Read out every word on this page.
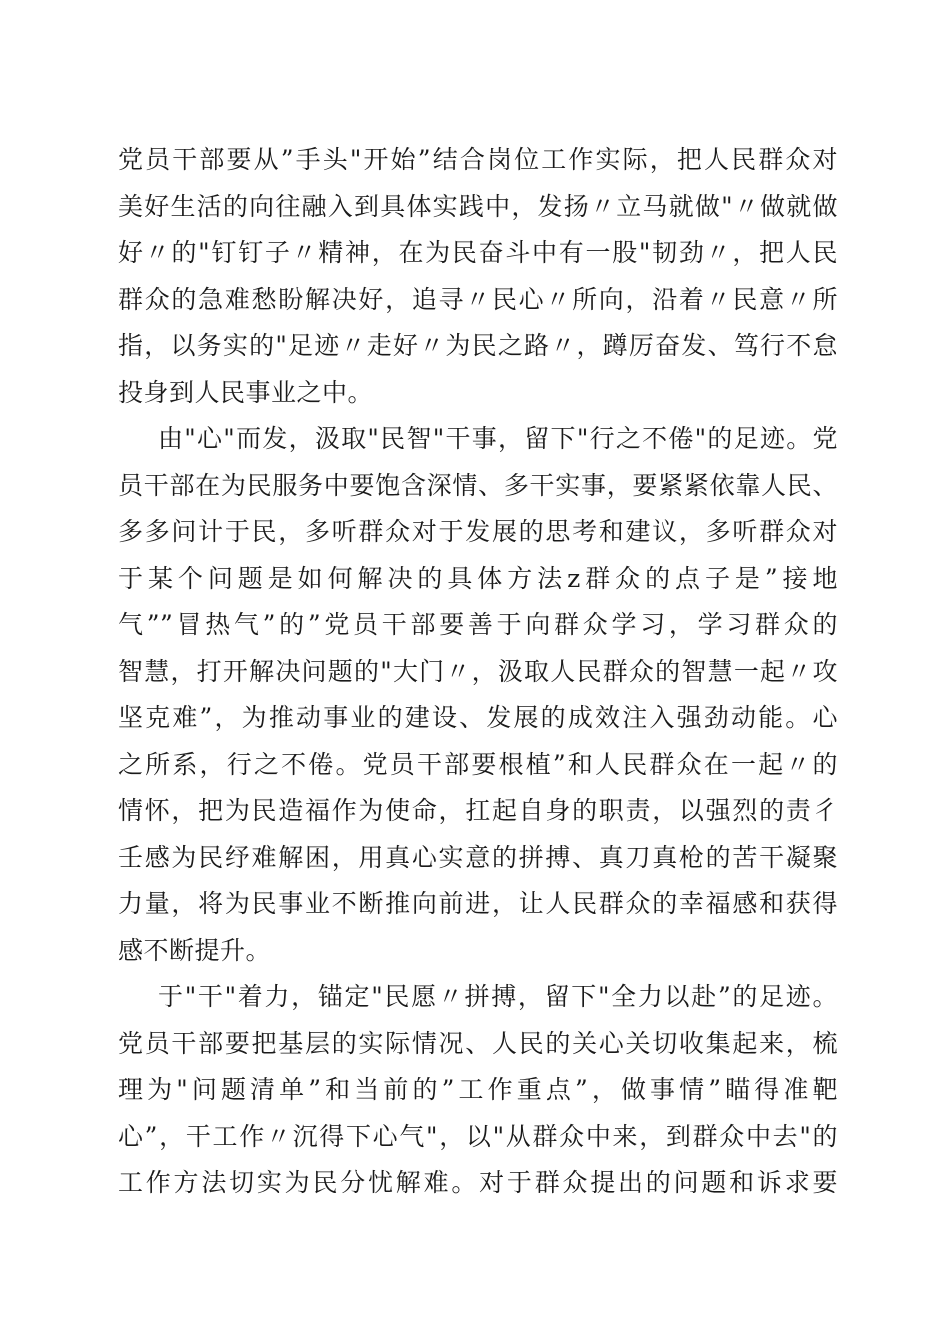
党员干部要从”手头"开始”结合岗位工作实际，把人民群众对
美好生活的向往融入到具体实践中，发扬〃立马就做"〃做就做
好〃的"钉钉子〃精神，在为民奋斗中有一股"韧劲〃，把人民
群众的急难愁盼解决好，追寻〃民心〃所向，沿着〃民意〃所
指，以务实的"足迹〃走好〃为民之路〃，蹲厉奋发、笃行不怠
投身到人民事业之中。
由"心"而发，汲取"民智"干事，留下"行之不倦"的足迹。党
员干部在为民服务中要饱含深情、多干实事，要紧紧依靠人民、
多多问计于民，多听群众对于发展的思考和建议，多听群众对
于某个问题是如何解决的具体方法z群众的点子是”接地
气””冒热气”的”党员干部要善于向群众学习，学习群众的
智慧，打开解决问题的"大门〃，汲取人民群众的智慧一起〃攻
坚克难”，为推动事业的建设、发展的成效注入强劲动能。心
之所系，行之不倦。党员干部要根植”和人民群众在一起〃的
情怀，把为民造福作为使命，扛起自身的职责，以强烈的责彳
壬感为民纾难解困，用真心实意的拼搏、真刀真枪的苦干凝聚
力量，将为民事业不断推向前进，让人民群众的幸福感和获得
感不断提升。
于"干"着力，锚定"民愿〃拼搏，留下"全力以赴”的足迹。
党员干部要把基层的实际情况、人民的关心关切收集起来，梳
理为"问题清单”和当前的”工作重点”，做事情”瞄得准靶
心”，干工作〃沉得下心气"，以"从群众中来，到群众中去"的
工作方法切实为民分忧解难。对于群众提出的问题和诉求要
